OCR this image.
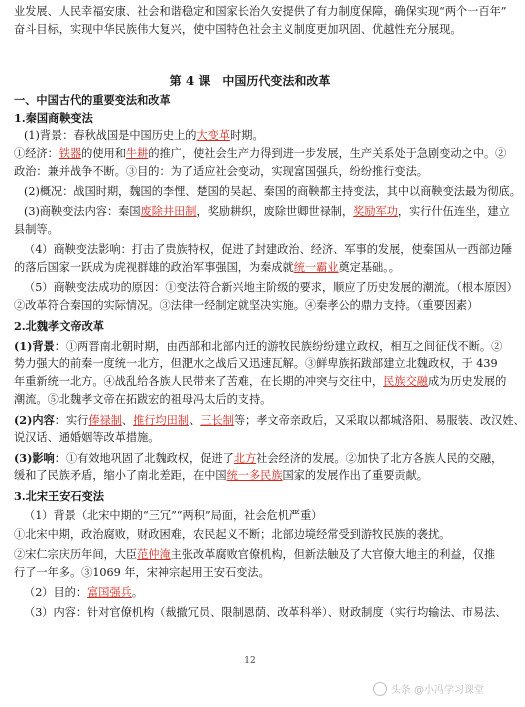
业发展、人民幸福安康、社会和谐稳定和国家长治久安提供了有力制度保障，确保实现“两个一百年”
奋斗目标，实现中华民族伟大复兴，使中国特色社会主义制度更加巩固、优越性充分展现。
第 4 课　中国历代变法和改革
一、中国古代的重要变法和改革
1.秦国商鞅变法
(1)背景：春秋战国是中国历史上的大变革时期。
①经济：铁器的使用和牛耕的推广，使社会生产力得到进一步发展，生产关系处于急剧变动之中。②
政治：兼并战争不断。③目的：为了适应社会变动，实现富国强兵，纷纷推行变法。
(2)概况：战国时期，魏国的李悝、楚国的吴起、秦国的商鞅都主持变法，其中以商鞅变法最为彻底。
(3)商鞅变法内容：秦国废除井田制，奖励耕织，废除世卿世禄制，奖励军功，实行什伍连坐，建立
县制等。
（4）商鞅变法影响：打击了贵族特权，促进了封建政治、经济、军事的发展，使秦国从一西部边陲
的落后国家一跃成为虎视群雄的政治军事强国，为秦成就统一霸业奠定基础。。
（5）商鞅变法成功的原因：①变法符合新兴地主阶级的要求，顺应了历史发展的潮流。（根本原因）
②改革符合秦国的实际情况。③法律一经制定就坚决实施。④秦孝公的鼎力支持。（重要因素）
2.北魏孝文帝改革
(1)背景：①两晋南北朝时期，由西部和北部内迁的游牧民族纷纷建立政权，相互之间征伐不断。②
势力强大的前秦一度统一北方，但淝水之战后又迅速瓦解。③鲜卑族拓跋部建立北魏政权，于 439
年重新统一北方。④战乱给各族人民带来了苦难，在长期的冲突与交往中，民族交融成为历史发展的
潮流。⑤北魏孝文帝在拓跋宏的祖母冯太后的支持。
(2)内容：实行俸禄制、推行均田制、三长制等；孝文帝亲政后，又采取以都城洛阳、易服装、改汉姓、
说汉话、通婚姻等改革措施。
(3)影响：①有效地巩固了北魏政权，促进了北方社会经济的发展。②加快了北方各族人民的交融，
缓和了民族矛盾，缩小了南北差距，在中国统一多民族国家的发展作出了重要贡献。
3.北宋王安石变法
（1）背景（北宋中期的“三冗”“两积”局面，社会危机严重）
①北宋中期，政治腐败，财政困难，农民起义不断；北部边境经常受到游牧民族的袭扰。
②宋仁宗庆历年间，大臣范仲淹主张改革腐败官僚机构，但新法触及了大官僚大地主的利益，仅推
行了一年多。③1069 年，宋神宗起用王安石变法。
（2）目的：富国强兵。
（3）内容：针对官僚机构（裁撤冗员、限制恩荫、改革科举）、财政制度（实行均输法、市易法、
12
头条 @小冯学习课堂
